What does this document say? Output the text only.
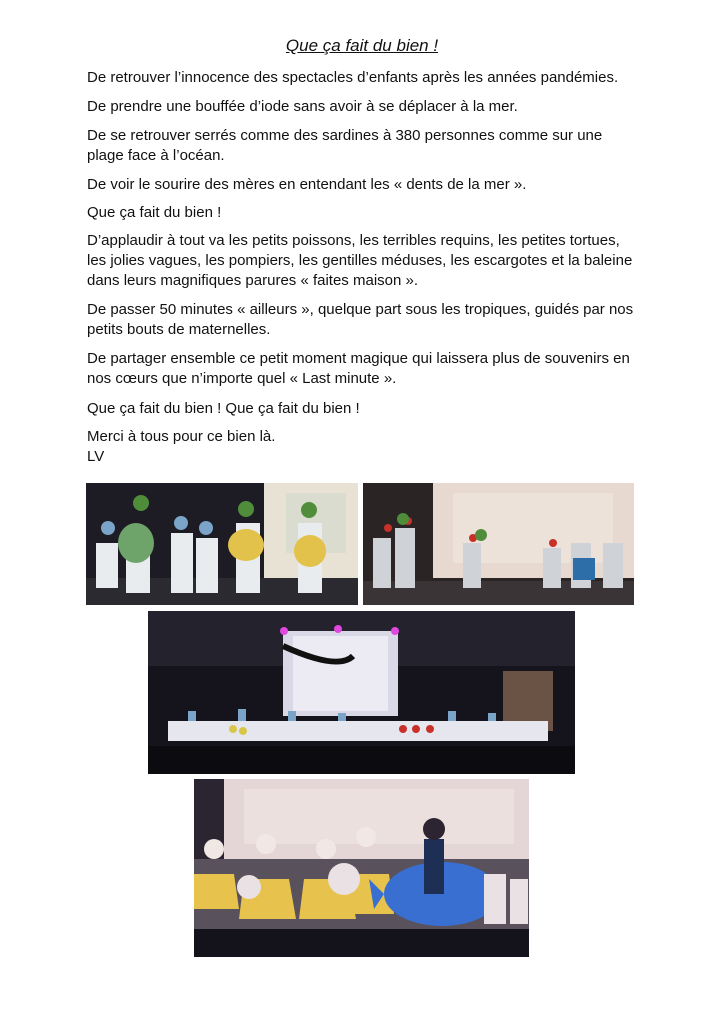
Que ça fait du bien !

De retrouver l’innocence des spectacles d’enfants après les années pandémies.

De prendre une bouffée d’iode sans avoir à se déplacer à la mer.

De se retrouver serrés comme des sardines à 380 personnes comme sur une plage face à l’océan.

De voir le sourire des mères en entendant les « dents de la mer ».

Que ça fait du bien !

D’applaudir à tout va les petits poissons, les terribles requins, les petites tortues, les jolies vagues, les pompiers, les gentilles méduses, les escargotes et la baleine dans leurs magnifiques parures « faites maison ».

De passer 50 minutes « ailleurs », quelque part sous les tropiques, guidés par nos petits bouts de maternelles.

De partager ensemble ce petit moment magique qui laissera plus de souvenirs en nos cœurs que n’importe quel « Last minute ».

Que ça fait du bien ! Que ça fait du bien !

Merci à tous pour ce bien là.

LV
